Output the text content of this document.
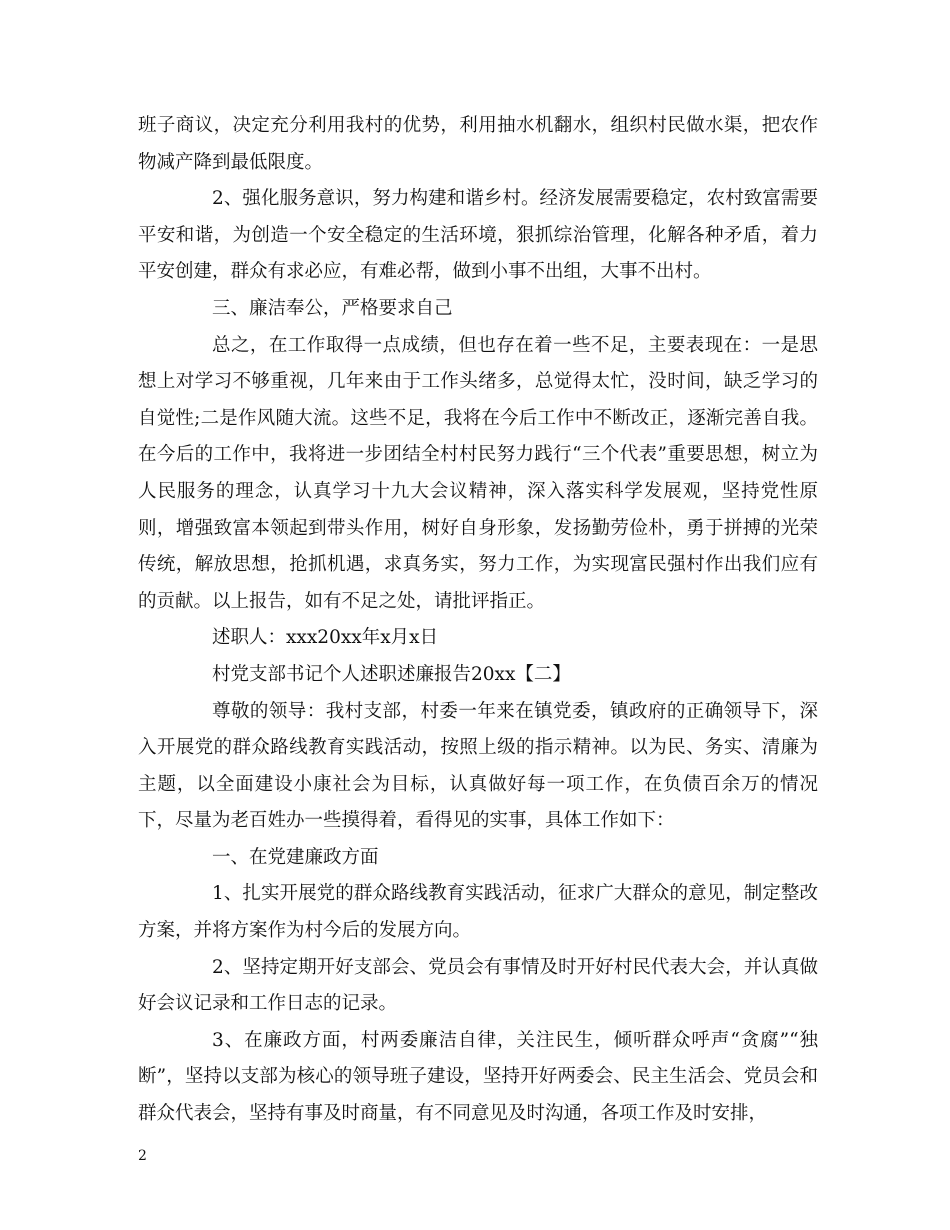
班子商议，决定充分利用我村的优势，利用抽水机翻水，组织村民做水渠，把农作物减产降到最低限度。

2、强化服务意识，努力构建和谐乡村。经济发展需要稳定，农村致富需要平安和谐，为创造一个安全稳定的生活环境，狠抓综治管理，化解各种矛盾，着力平安创建，群众有求必应，有难必帮，做到小事不出组，大事不出村。

三、廉洁奉公，严格要求自己

总之，在工作取得一点成绩，但也存在着一些不足，主要表现在：一是思想上对学习不够重视，几年来由于工作头绪多，总觉得太忙，没时间，缺乏学习的自觉性;二是作风随大流。这些不足，我将在今后工作中不断改正，逐渐完善自我。在今后的工作中，我将进一步团结全村村民努力践行“三个代表”重要思想，树立为人民服务的理念，认真学习十九大会议精神，深入落实科学发展观，坚持党性原则，增强致富本领起到带头作用，树好自身形象，发扬勤劳俭朴，勇于拼搏的光荣传统，解放思想，抢抓机遇，求真务实，努力工作，为实现富民强村作出我们应有的贡献。以上报告，如有不足之处，请批评指正。

述职人：xxx20xx年x月x日

村党支部书记个人述职述廉报告20xx【二】

尊敬的领导：我村支部，村委一年来在镇党委，镇政府的正确领导下，深入开展党的群众路线教育实践活动，按照上级的指示精神。以为民、务实、清廉为主题，以全面建设小康社会为目标，认真做好每一项工作，在负债百余万的情况下，尽量为老百姓办一些摸得着，看得见的实事，具体工作如下：

一、在党建廉政方面

1、扎实开展党的群众路线教育实践活动，征求广大群众的意见，制定整改方案，并将方案作为村今后的发展方向。

2、坚持定期开好支部会、党员会有事情及时开好村民代表大会，并认真做好会议记录和工作日志的记录。

3、在廉政方面，村两委廉洁自律，关注民生，倾听群众呼声“贪腐”“独断”，坚持以支部为核心的领导班子建设，坚持开好两委会、民主生活会、党员会和群众代表会，坚持有事及时商量，有不同意见及时沟通，各项工作及时安排，

2
